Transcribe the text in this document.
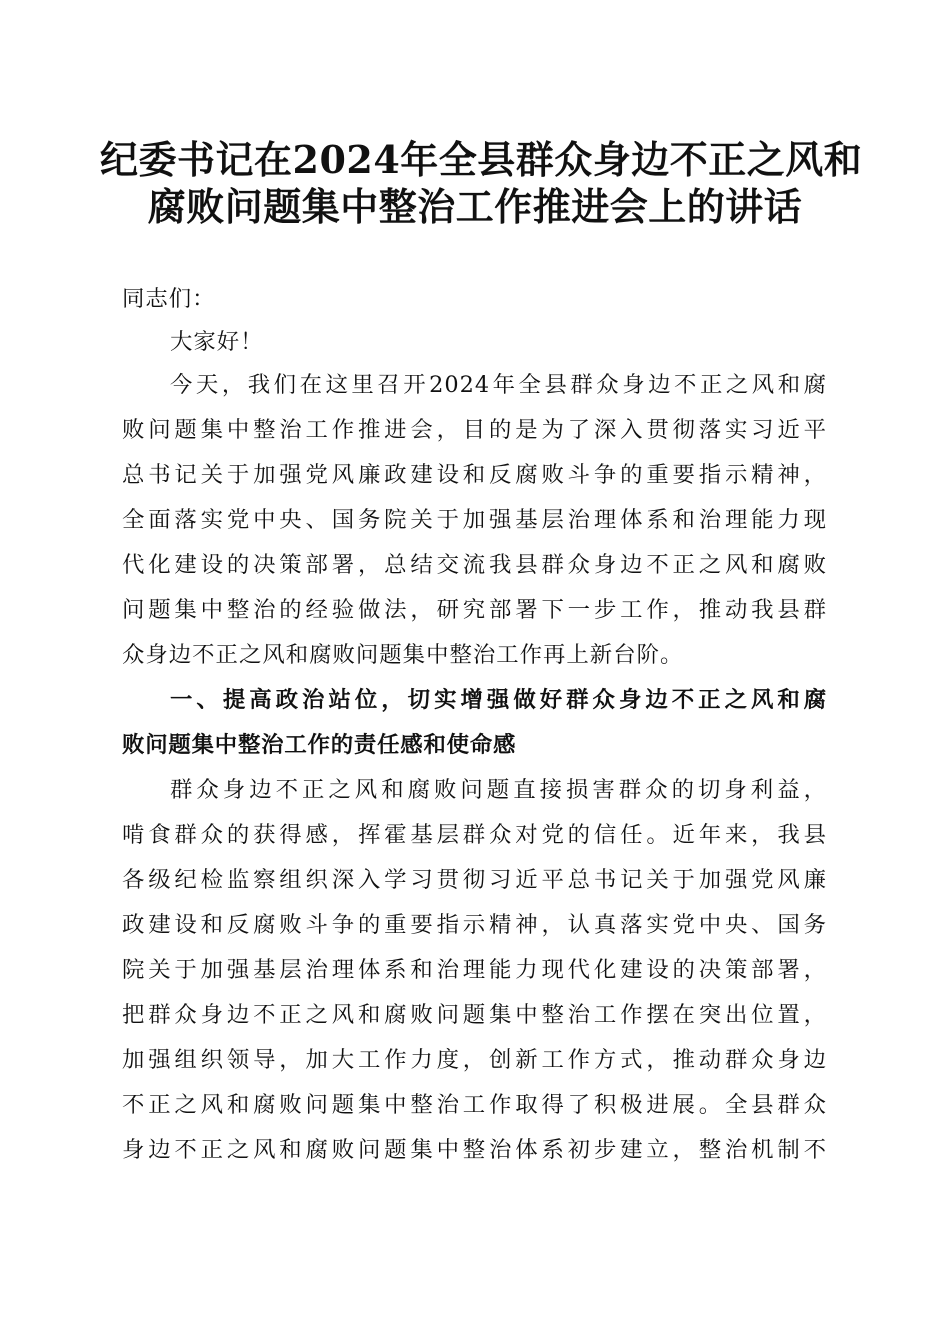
纪委书记在2024年全县群众身边不正之风和
腐败问题集中整治工作推进会上的讲话
同志们：
大家好！
今天，我们在这里召开2024年全县群众身边不正之风和腐
败问题集中整治工作推进会，目的是为了深入贯彻落实习近平
总书记关于加强党风廉政建设和反腐败斗争的重要指示精神，
全面落实党中央、国务院关于加强基层治理体系和治理能力现
代化建设的决策部署，总结交流我县群众身边不正之风和腐败
问题集中整治的经验做法，研究部署下一步工作，推动我县群
众身边不正之风和腐败问题集中整治工作再上新台阶。
一、提高政治站位，切实增强做好群众身边不正之风和腐
败问题集中整治工作的责任感和使命感
群众身边不正之风和腐败问题直接损害群众的切身利益，
啃食群众的获得感，挥霍基层群众对党的信任。近年来，我县
各级纪检监察组织深入学习贯彻习近平总书记关于加强党风廉
政建设和反腐败斗争的重要指示精神，认真落实党中央、国务
院关于加强基层治理体系和治理能力现代化建设的决策部署，
把群众身边不正之风和腐败问题集中整治工作摆在突出位置，
加强组织领导，加大工作力度，创新工作方式，推动群众身边
不正之风和腐败问题集中整治工作取得了积极进展。全县群众
身边不正之风和腐败问题集中整治体系初步建立，整治机制不
